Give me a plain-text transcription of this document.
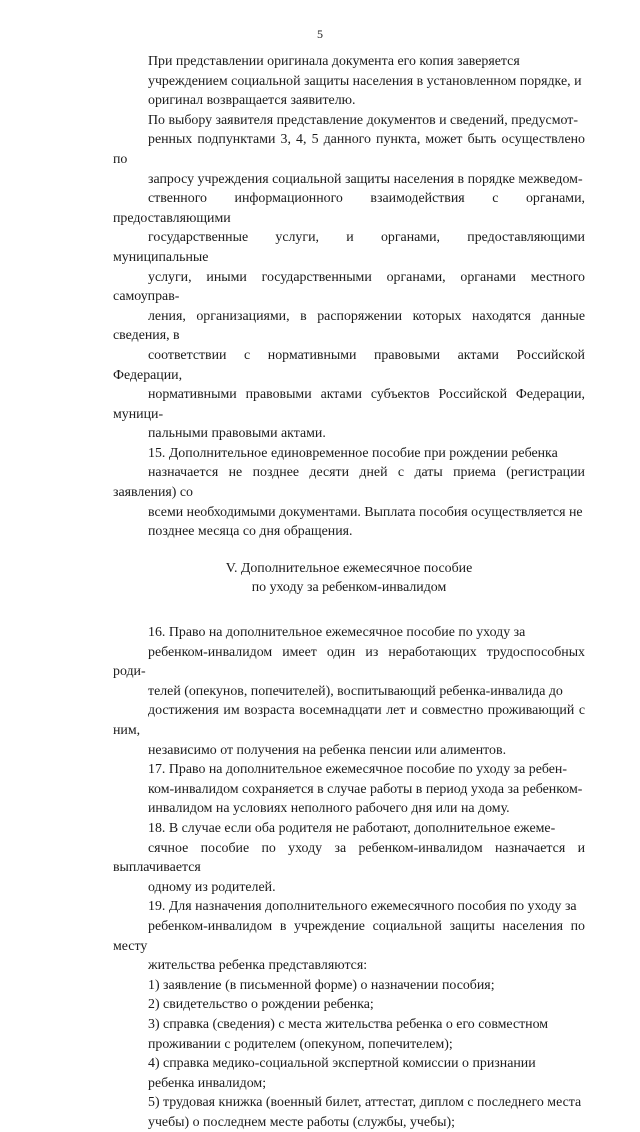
5

При представлении оригинала документа его копия заверяется
учреждением социальной защиты населения в установленном порядке, и
оригинал возвращается заявителю.

По выбору заявителя представление документов и сведений, предусмот-
ренных подпунктами 3, 4, 5 данного пункта, может быть осуществлено по
запросу учреждения социальной защиты населения в порядке межведом-
ственного информационного взаимодействия с органами, предоставляющими
государственные услуги, и органами, предоставляющими муниципальные
услуги, иными государственными органами, органами местного самоуправ-
ления, организациями, в распоряжении которых находятся данные сведения, в
соответствии с нормативными правовыми актами Российской Федерации,
нормативными правовыми актами субъектов Российской Федерации, муници-
пальными правовыми актами.

15. Дополнительное единовременное пособие при рождении ребенка
назначается не позднее десяти дней с даты приема (регистрации заявления) со
всеми необходимыми документами. Выплата пособия осуществляется не
позднее месяца со дня обращения.

V. Дополнительное ежемесячное пособие
по уходу за ребенком-инвалидом

16. Право на дополнительное ежемесячное пособие по уходу за
ребенком-инвалидом имеет один из неработающих трудоспособных роди-
телей (опекунов, попечителей), воспитывающий ребенка-инвалида до
достижения им возраста восемнадцати лет и совместно проживающий с ним,
независимо от получения на ребенка пенсии или алиментов.

17. Право на дополнительное ежемесячное пособие по уходу за ребен-
ком-инвалидом сохраняется в случае работы в период ухода за ребенком-
инвалидом на условиях неполного рабочего дня или на дому.

18. В случае если оба родителя не работают, дополнительное ежеме-
сячное пособие по уходу за ребенком-инвалидом назначается и выплачивается
одному из родителей.

19. Для назначения дополнительного ежемесячного пособия по уходу за
ребенком-инвалидом в учреждение социальной защиты населения по месту
жительства ребенка представляются:

1) заявление (в письменной форме) о назначении пособия;

2) свидетельство о рождении ребенка;

3) справка (сведения) с места жительства ребенка о его совместном
проживании с родителем (опекуном, попечителем);

4) справка медико-социальной экспертной комиссии о признании
ребенка инвалидом;

5) трудовая книжка (военный билет, аттестат, диплом с последнего места
учебы) о последнем месте работы (службы, учебы);
